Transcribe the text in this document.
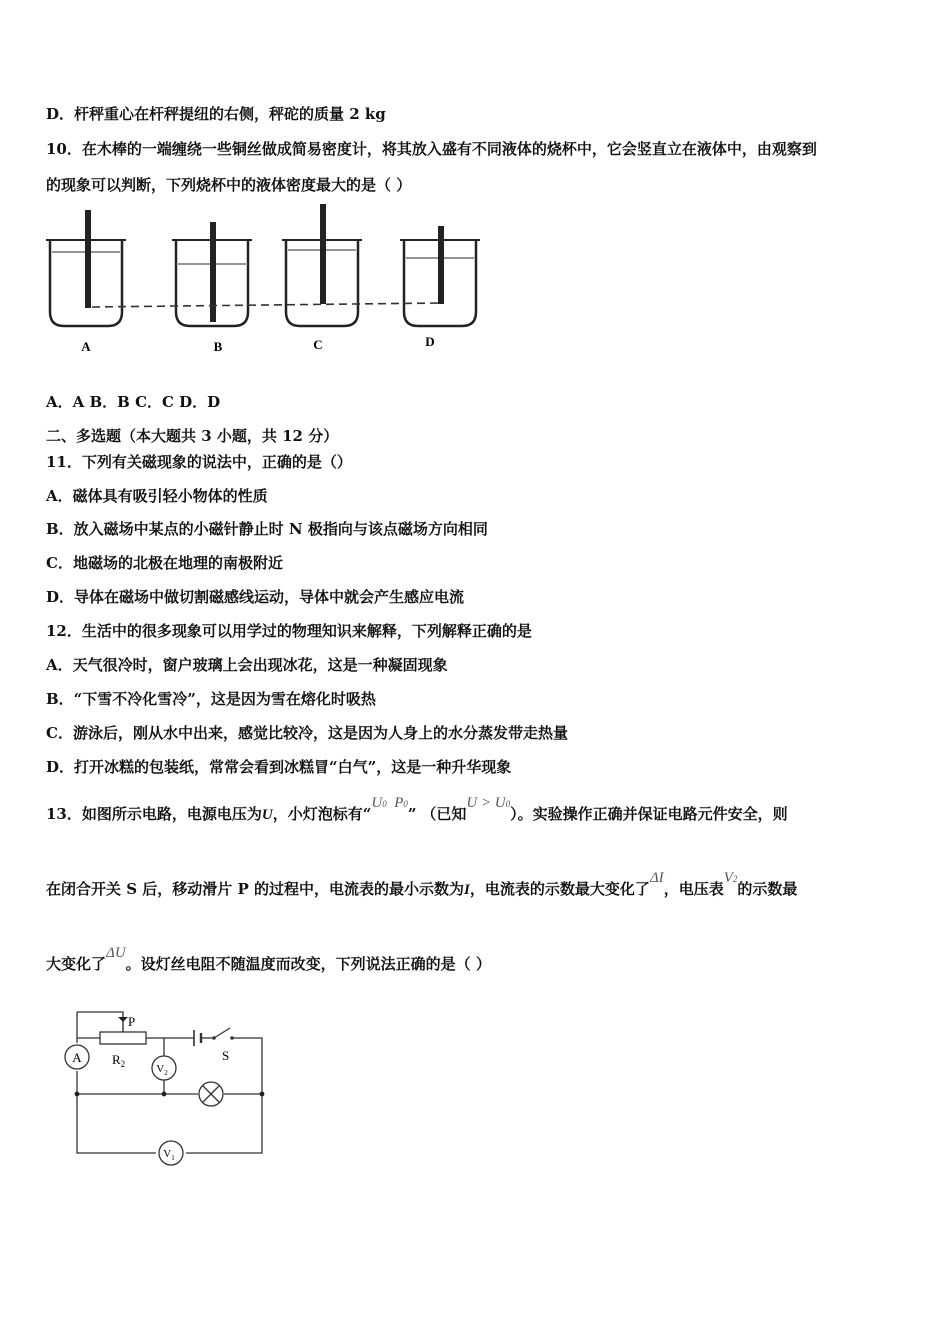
D．杆秤重心在杆秤提纽的右侧，秤砣的质量 2 kg
10．在木棒的一端缠绕一些铜丝做成简易密度计，将其放入盛有不同液体的烧杯中，它会竖直立在液体中，由观察到
的现象可以判断，下列烧杯中的液体密度最大的是（ ）
A	B	C	D
A．A B．B C．C D．D
二、多选题（本大题共 3 小题，共 12 分）
11．下列有关磁现象的说法中，正确的是（）
A．磁体具有吸引轻小物体的性质
B．放入磁场中某点的小磁针静止时 N 极指向与该点磁场方向相同
C．地磁场的北极在地理的南极附近
D．导体在磁场中做切割磁感线运动，导体中就会产生感应电流
12．生活中的很多现象可以用学过的物理知识来解释，下列解释正确的是
A．天气很冷时，窗户玻璃上会出现冰花，这是一种凝固现象
B．“下雪不冷化雪冷”，这是因为雪在熔化时吸热
C．游泳后，刚从水中出来，感觉比较冷，这是因为人身上的水分蒸发带走热量
D．打开冰糕的包装纸，常常会看到冰糕冒“白气”，这是一种升华现象
13．如图所示电路，电源电压为U，小灯泡标有“U0 P0” （已知U > U0）。实验操作正确并保证电路元件安全，则
在闭合开关 S 后，移动滑片 P 的过程中，电流表的最小示数为I，电流表的示数最大变化了ΔI，电压表V2的示数最
大变化了ΔU。设灯丝电阻不随温度而改变，下列说法正确的是（ ）
A
$V_2$
$V_1$
P
$R_2$
S
